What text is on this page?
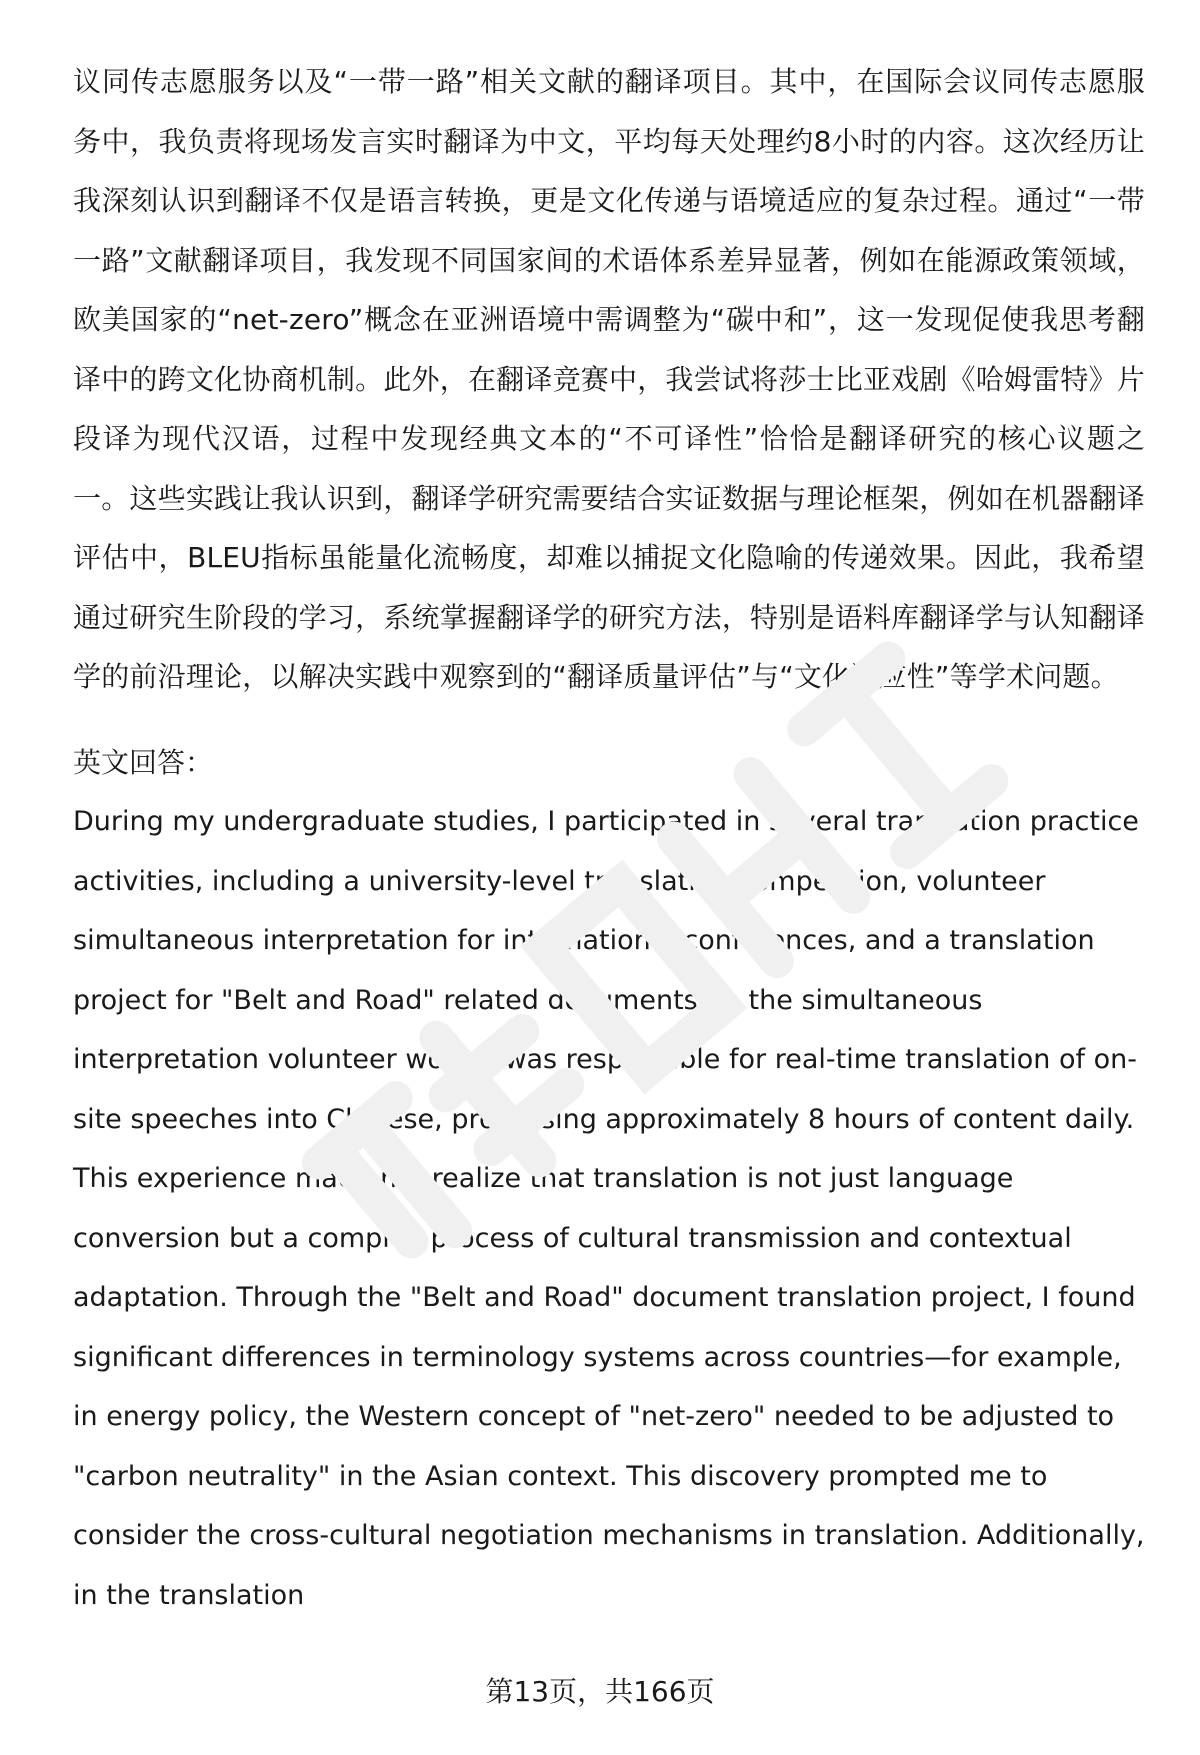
议同传志愿服务以及“一带一路”相关文献的翻译项目。其中，在国际会议同传志愿服务中，我负责将现场发言实时翻译为中文，平均每天处理约8小时的内容。这次经历让我深刻认识到翻译不仅是语言转换，更是文化传递与语境适应的复杂过程。通过“一带一路”文献翻译项目，我发现不同国家间的术语体系差异显著，例如在能源政策领域，欧美国家的“net-zero”概念在亚洲语境中需调整为“碳中和”，这一发现促使我思考翻译中的跨文化协商机制。此外，在翻译竞赛中，我尝试将莎士比亚戏剧《哈姆雷特》片段译为现代汉语，过程中发现经典文本的“不可译性”恰恰是翻译研究的核心议题之一。这些实践让我认识到，翻译学研究需要结合实证数据与理论框架，例如在机器翻译评估中，BLEU指标虽能量化流畅度，却难以捕捉文化隐喻的传递效果。因此，我希望通过研究生阶段的学习，系统掌握翻译学的研究方法，特别是语料库翻译学与认知翻译学的前沿理论，以解决实践中观察到的“翻译质量评估”与“文化适应性”等学术问题。

英文回答：

During my undergraduate studies, I participated in several translation practice activities, including a university-level translation competition, volunteer simultaneous interpretation for international conferences, and a translation project for "Belt and Road" related documents. In the simultaneous interpretation volunteer work, I was responsible for real-time translation of on-site speeches into Chinese, processing approximately 8 hours of content daily. This experience made me realize that translation is not just language conversion but a complex process of cultural transmission and contextual adaptation. Through the "Belt and Road" document translation project, I found significant differences in terminology systems across countries—for example, in energy policy, the Western concept of "net-zero" needed to be adjusted to "carbon neutrality" in the Asian context. This discovery prompted me to consider the cross-cultural negotiation mechanisms in translation. Additionally, in the translation

第13页，共166页
